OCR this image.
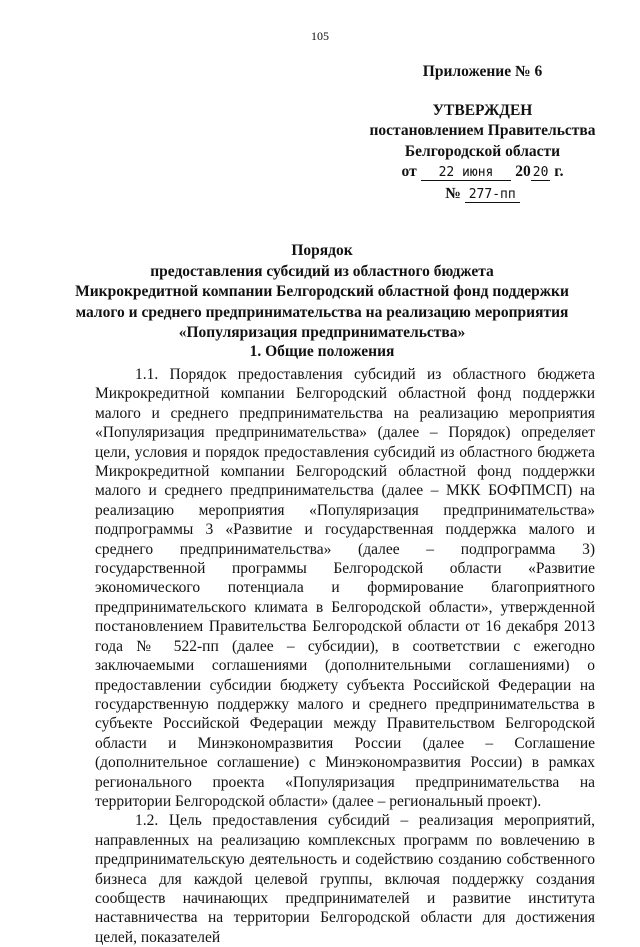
105
Приложение № 6
УТВЕРЖДЕН
постановлением Правительства
Белгородской области
от 22 июня 20 20 г.
№ 277-пп
Порядок
предоставления субсидий из областного бюджета
Микрокредитной компании Белгородский областной фонд поддержки
малого и среднего предпринимательства на реализацию мероприятия
«Популяризация предпринимательства»
1. Общие положения

1.1. Порядок предоставления субсидий из областного бюджета Микрокредитной компании Белгородский областной фонд поддержки малого и среднего предпринимательства на реализацию мероприятия «Популяризация предпринимательства» (далее – Порядок) определяет цели, условия и порядок предоставления субсидий из областного бюджета Микрокредитной компании Белгородский областной фонд поддержки малого и среднего предпринимательства (далее – МКК БОФПМСП) на реализацию мероприятия «Популяризация предпринимательства» подпрограммы 3 «Развитие и государственная поддержка малого и среднего предпринимательства» (далее – подпрограмма 3) государственной программы Белгородской области «Развитие экономического потенциала и формирование благоприятного предпринимательского климата в Белгородской области», утвержденной постановлением Правительства Белгородской области от 16 декабря 2013 года № 522-пп (далее – субсидии), в соответствии с ежегодно заключаемыми соглашениями (дополнительными соглашениями) о предоставлении субсидии бюджету субъекта Российской Федерации на государственную поддержку малого и среднего предпринимательства в субъекте Российской Федерации между Правительством Белгородской области и Минэкономразвития России (далее – Соглашение (дополнительное соглашение) с Минэкономразвития России) в рамках регионального проекта «Популяризация предпринимательства на территории Белгородской области» (далее – региональный проект).

1.2. Цель предоставления субсидий – реализация мероприятий, направленных на реализацию комплексных программ по вовлечению в предпринимательскую деятельность и содействию созданию собственного бизнеса для каждой целевой группы, включая поддержку создания сообществ начинающих предпринимателей и развитие института наставничества на территории Белгородской области для достижения целей, показателей
